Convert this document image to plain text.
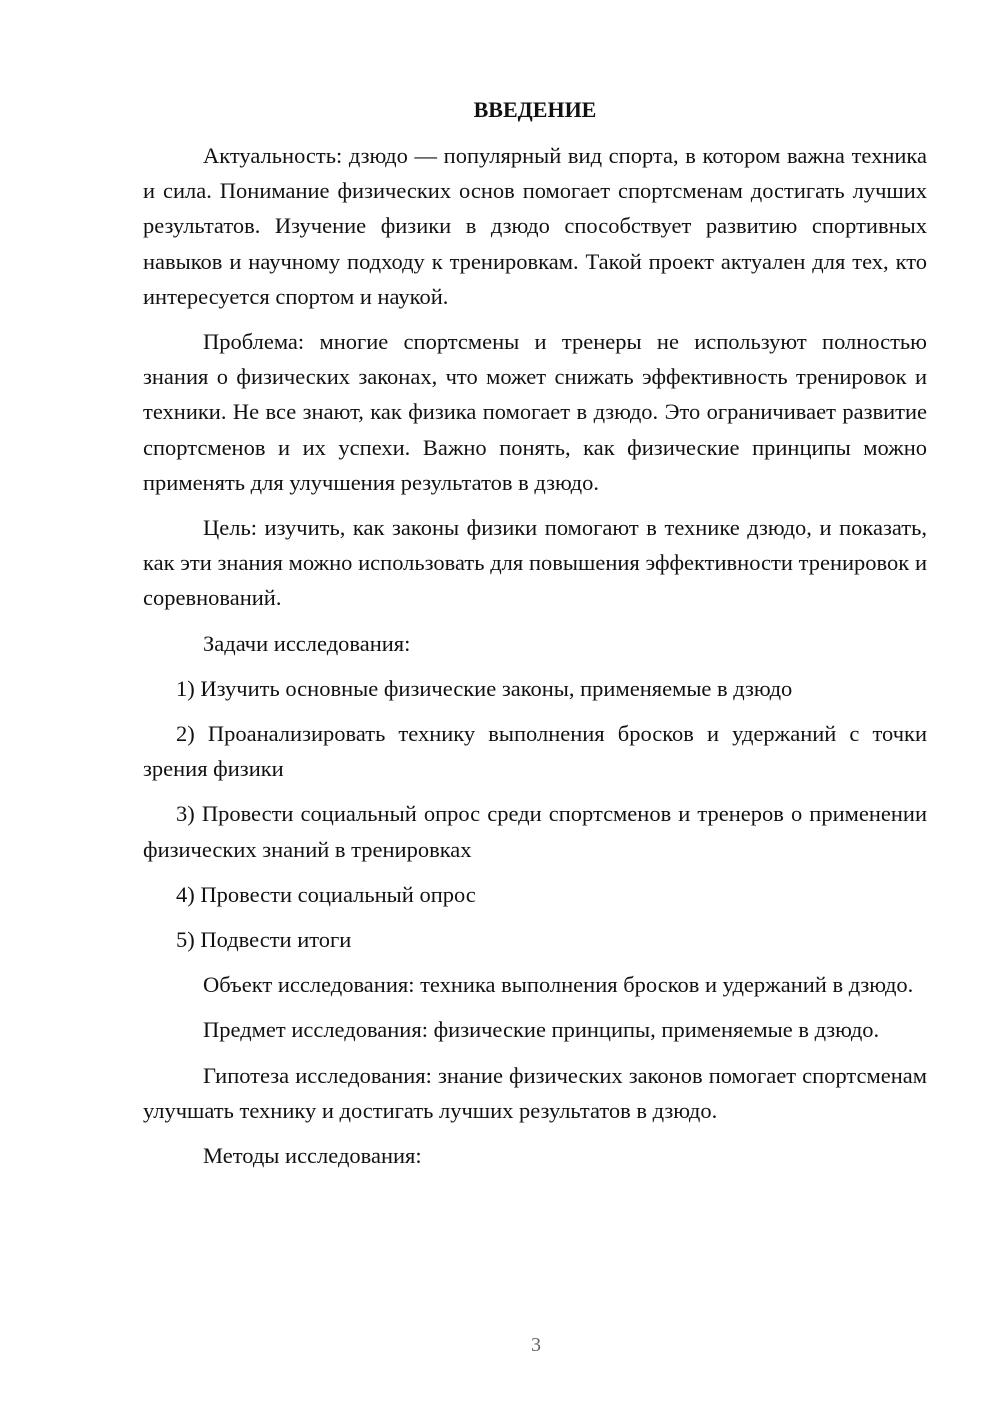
ВВЕДЕНИЕ

Актуальность: дзюдо — популярный вид спорта, в котором важна техника и сила. Понимание физических основ помогает спортсменам достигать лучших результатов. Изучение физики в дзюдо способствует развитию спортивных навыков и научному подходу к тренировкам. Такой проект актуален для тех, кто интересуется спортом и наукой.

Проблема: многие спортсмены и тренеры не используют полностью знания о физических законах, что может снижать эффективность тренировок и техники. Не все знают, как физика помогает в дзюдо. Это ограничивает развитие спортсменов и их успехи. Важно понять, как физические принципы можно применять для улучшения результатов в дзюдо.

Цель: изучить, как законы физики помогают в технике дзюдо, и показать, как эти знания можно использовать для повышения эффективности тренировок и соревнований.

Задачи исследования:

1) Изучить основные физические законы, применяемые в дзюдо

2) Проанализировать технику выполнения бросков и удержаний с точки зрения физики

3) Провести социальный опрос среди спортсменов и тренеров о применении физических знаний в тренировках

4) Провести социальный опрос

5) Подвести итоги

Объект исследования: техника выполнения бросков и удержаний в дзюдо.

Предмет исследования: физические принципы, применяемые в дзюдо.

Гипотеза исследования: знание физических законов помогает спортсменам улучшать технику и достигать лучших результатов в дзюдо.

Методы исследования:

3
